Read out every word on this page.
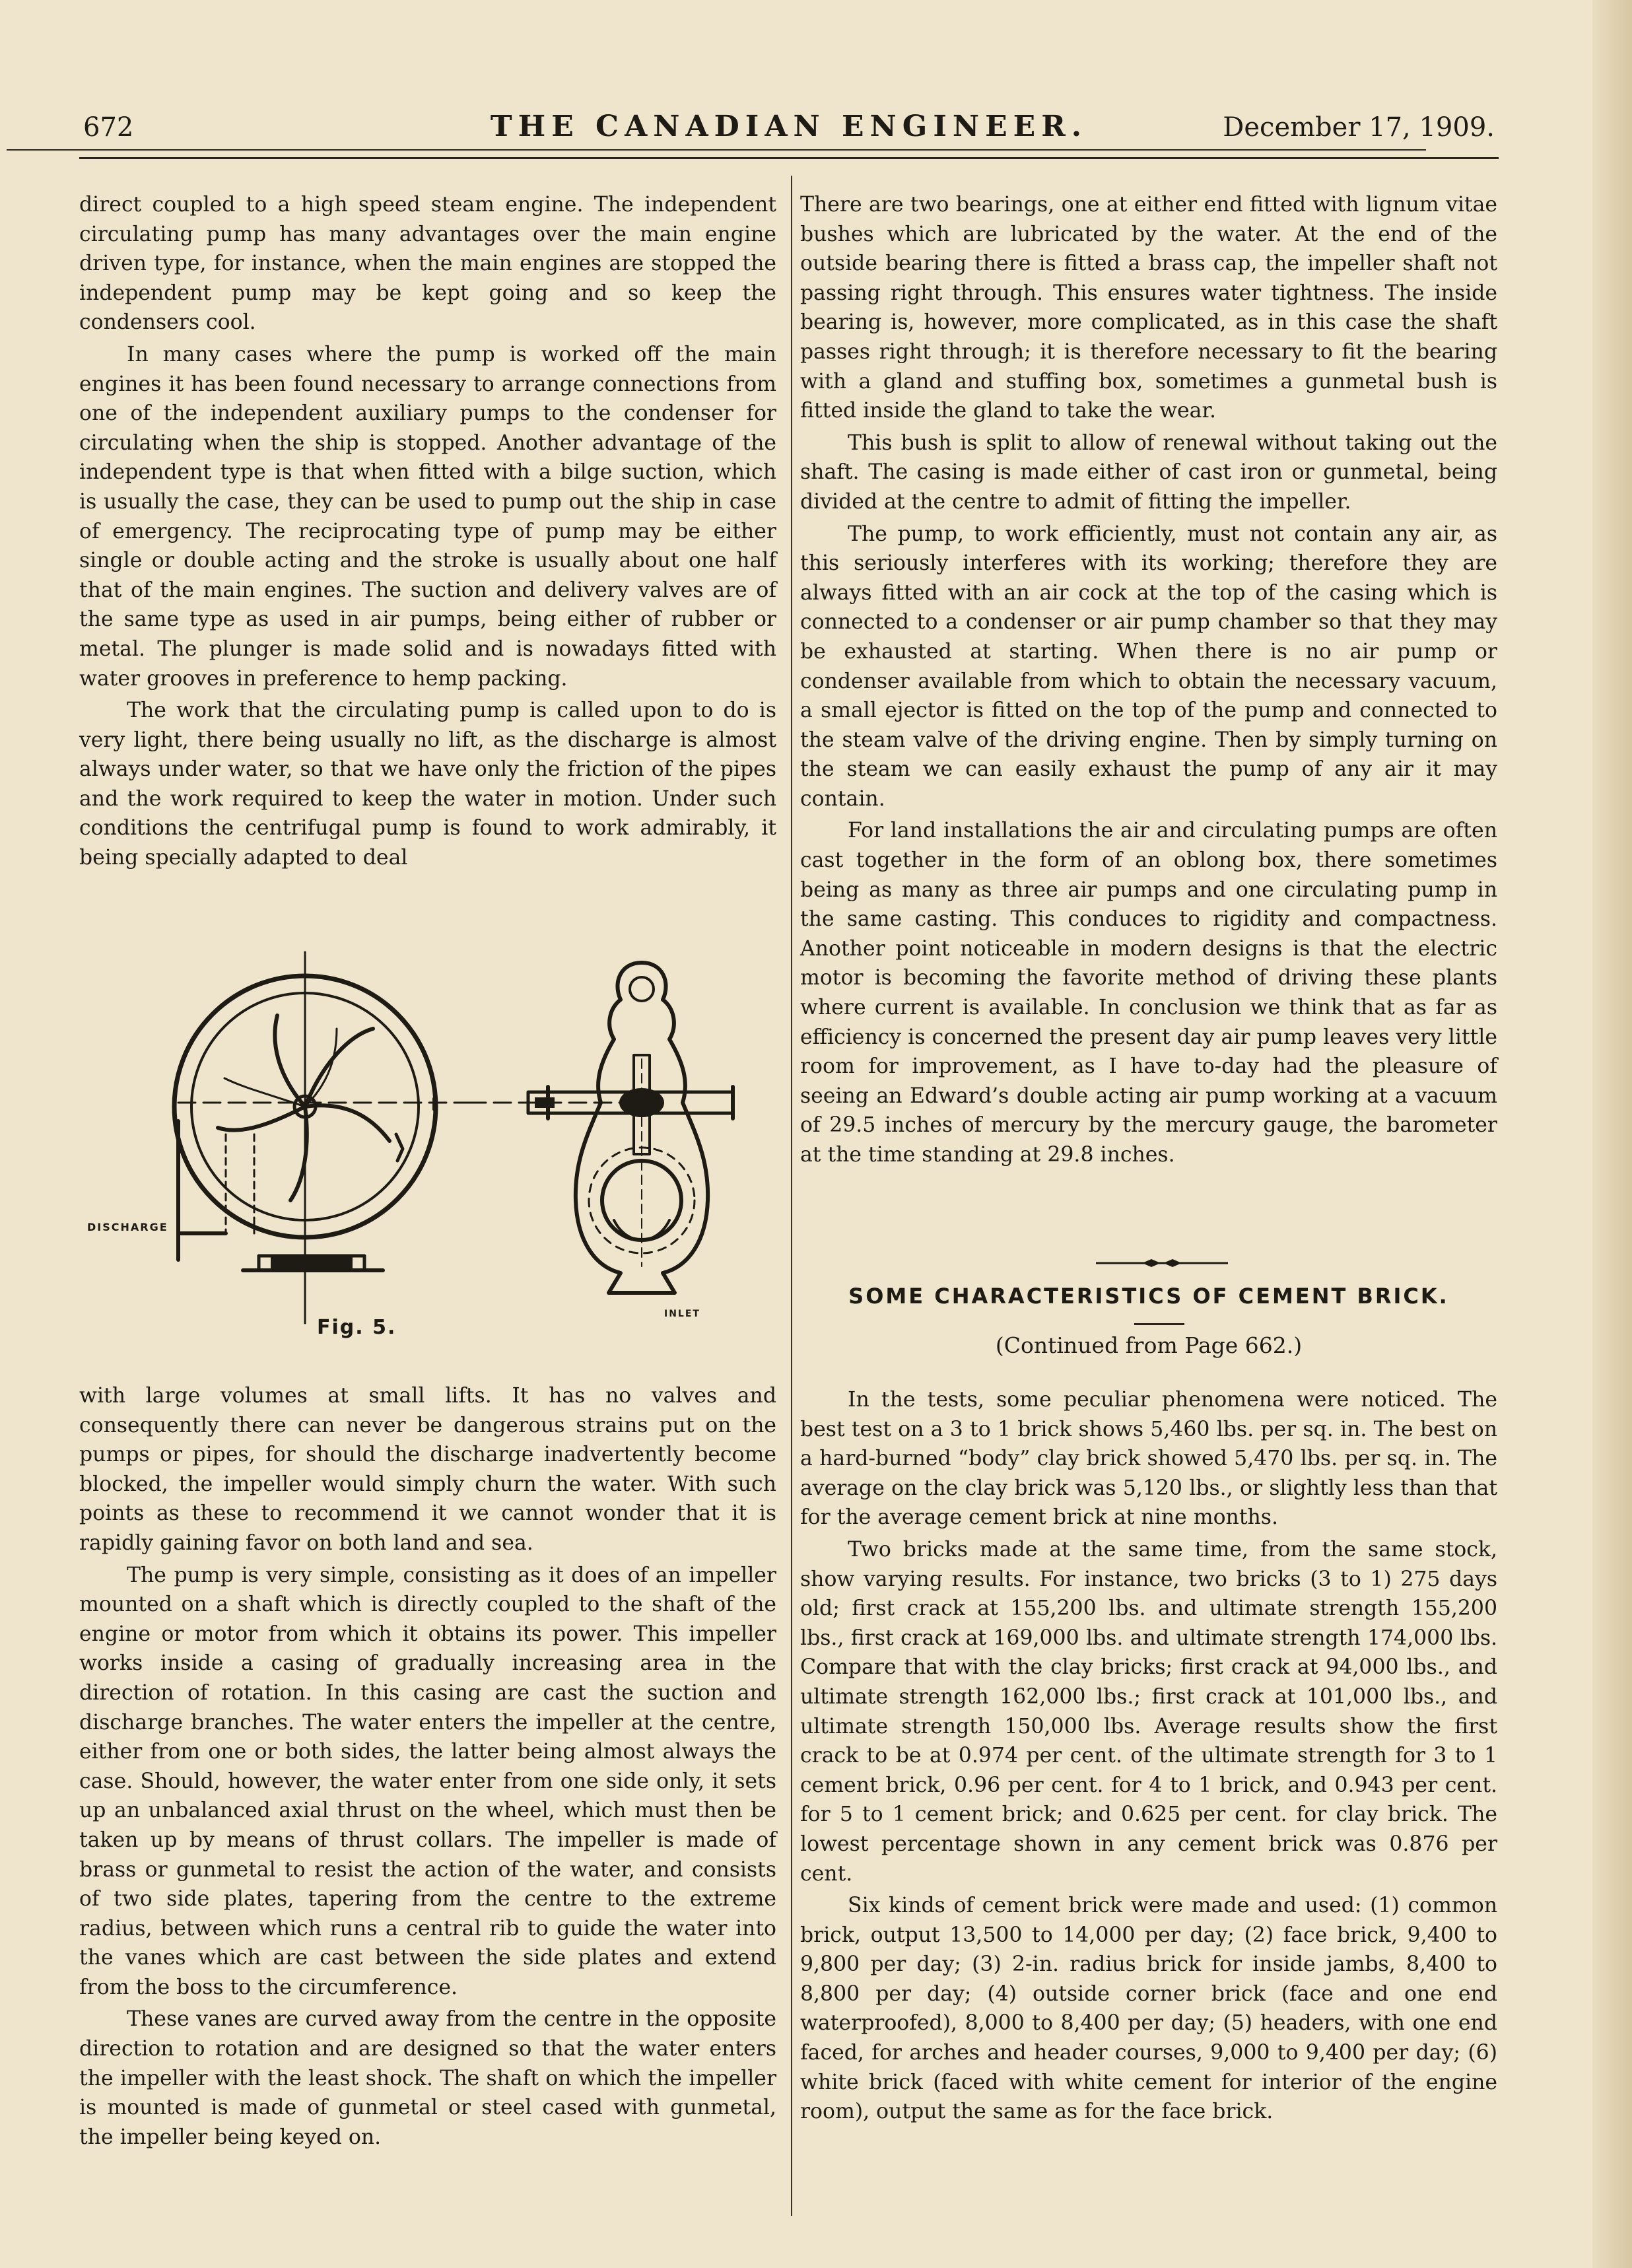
672	THE CANADIAN ENGINEER.	December 17, 1909.

direct coupled to a high speed steam engine. The independent circulating pump has many advantages over the main engine driven type, for instance, when the main engines are stopped the independent pump may be kept going and so keep the condensers cool.

In many cases where the pump is worked off the main engines it has been found necessary to arrange connections from one of the independent auxiliary pumps to the condenser for circulating when the ship is stopped. Another advantage of the independent type is that when fitted with a bilge suction, which is usually the case, they can be used to pump out the ship in case of emergency. The reciprocating type of pump may be either single or double acting and the stroke is usually about one half that of the main engines. The suction and delivery valves are of the same type as used in air pumps, being either of rubber or metal. The plunger is made solid and is nowadays fitted with water grooves in preference to hemp packing.

The work that the circulating pump is called upon to do is very light, there being usually no lift, as the discharge is almost always under water, so that we have only the friction of the pipes and the work required to keep the water in motion. Under such conditions the centrifugal pump is found to work admirably, it being specially adapted to deal

DISCHARGE
INLET
Fig. 5.

with large volumes at small lifts. It has no valves and consequently there can never be dangerous strains put on the pumps or pipes, for should the discharge inadvertently become blocked, the impeller would simply churn the water. With such points as these to recommend it we cannot wonder that it is rapidly gaining favor on both land and sea.

The pump is very simple, consisting as it does of an impeller mounted on a shaft which is directly coupled to the shaft of the engine or motor from which it obtains its power. This impeller works inside a casing of gradually increasing area in the direction of rotation. In this casing are cast the suction and discharge branches. The water enters the impeller at the centre, either from one or both sides, the latter being almost always the case. Should, however, the water enter from one side only, it sets up an unbalanced axial thrust on the wheel, which must then be taken up by means of thrust collars. The impeller is made of brass or gunmetal to resist the action of the water, and consists of two side plates, tapering from the centre to the extreme radius, between which runs a central rib to guide the water into the vanes which are cast between the side plates and extend from the boss to the circumference.

These vanes are curved away from the centre in the opposite direction to rotation and are designed so that the water enters the impeller with the least shock. The shaft on which the impeller is mounted is made of gunmetal or steel cased with gunmetal, the impeller being keyed on.

There are two bearings, one at either end fitted with lignum vitae bushes which are lubricated by the water. At the end of the outside bearing there is fitted a brass cap, the impeller shaft not passing right through. This ensures water tightness. The inside bearing is, however, more complicated, as in this case the shaft passes right through; it is therefore necessary to fit the bearing with a gland and stuffing box, sometimes a gunmetal bush is fitted inside the gland to take the wear.

This bush is split to allow of renewal without taking out the shaft. The casing is made either of cast iron or gunmetal, being divided at the centre to admit of fitting the impeller.

The pump, to work efficiently, must not contain any air, as this seriously interferes with its working; therefore they are always fitted with an air cock at the top of the casing which is connected to a condenser or air pump chamber so that they may be exhausted at starting. When there is no air pump or condenser available from which to obtain the necessary vacuum, a small ejector is fitted on the top of the pump and connected to the steam valve of the driving engine. Then by simply turning on the steam we can easily exhaust the pump of any air it may contain.

For land installations the air and circulating pumps are often cast together in the form of an oblong box, there sometimes being as many as three air pumps and one circulating pump in the same casting. This conduces to rigidity and compactness. Another point noticeable in modern designs is that the electric motor is becoming the favorite method of driving these plants where current is available. In conclusion we think that as far as efficiency is concerned the present day air pump leaves very little room for improvement, as I have to-day had the pleasure of seeing an Edward’s double acting air pump working at a vacuum of 29.5 inches of mercury by the mercury gauge, the barometer at the time standing at 29.8 inches.

SOME CHARACTERISTICS OF CEMENT BRICK.
(Continued from Page 662.)

In the tests, some peculiar phenomena were noticed. The best test on a 3 to 1 brick shows 5,460 lbs. per sq. in. The best on a hard-burned “body” clay brick showed 5,470 lbs. per sq. in. The average on the clay brick was 5,120 lbs., or slightly less than that for the average cement brick at nine months.

Two bricks made at the same time, from the same stock, show varying results. For instance, two bricks (3 to 1) 275 days old; first crack at 155,200 lbs. and ultimate strength 155,200 lbs., first crack at 169,000 lbs. and ultimate strength 174,000 lbs. Compare that with the clay bricks; first crack at 94,000 lbs., and ultimate strength 162,000 lbs.; first crack at 101,000 lbs., and ultimate strength 150,000 lbs. Average results show the first crack to be at 0.974 per cent. of the ultimate strength for 3 to 1 cement brick, 0.96 per cent. for 4 to 1 brick, and 0.943 per cent. for 5 to 1 cement brick; and 0.625 per cent. for clay brick. The lowest percentage shown in any cement brick was 0.876 per cent.

Six kinds of cement brick were made and used: (1) common brick, output 13,500 to 14,000 per day; (2) face brick, 9,400 to 9,800 per day; (3) 2-in. radius brick for inside jambs, 8,400 to 8,800 per day; (4) outside corner brick (face and one end waterproofed), 8,000 to 8,400 per day; (5) headers, with one end faced, for arches and header courses, 9,000 to 9,400 per day; (6) white brick (faced with white cement for interior of the engine room), output the same as for the face brick.
